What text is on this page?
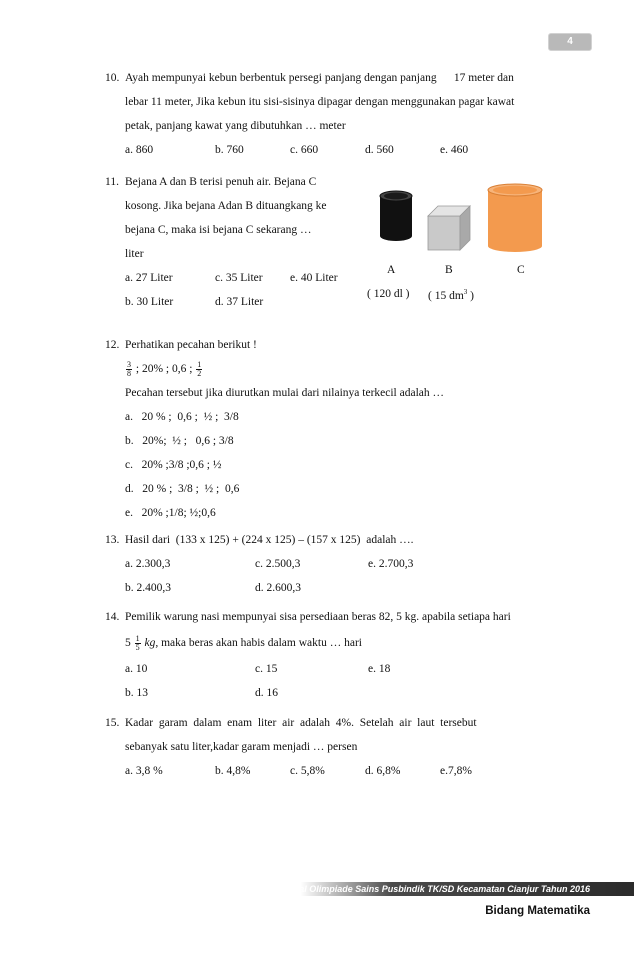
4
10. Ayah mempunyai kebun berbentuk persegi panjang dengan panjang      17 meter dan
lebar 11 meter, Jika kebun itu sisi-sisinya dipagar dengan menggunakan pagar kawat
petak, panjang kawat yang dibutuhkan … meter
a. 860	b. 760	c. 660	d. 560	e. 460
11. Bejana A dan B terisi penuh air. Bejana C
kosong. Jika bejana Adan B dituangkang ke
bejana C, maka isi bejana C sekarang …
liter
a. 27 Liter	c. 35 Liter e. 40 Liter
b. 30 Liter	d. 37 Liter
A	B	C
( 120 dl ) ( 15 $dm^3$ )
12. Perhatikan pecahan berikut !
$\frac{3}{8}$ ; 20% ; 0,6 ; $\frac{1}{2}$
Pecahan tersebut jika diurutkan mulai dari nilainya terkecil adalah …
a.   20 % ;  0,6 ;  ½ ;  3/8
b.   20%;  ½ ;   0,6 ; 3/8
c.   20% ;3/8 ;0,6 ; ½
d.   20 % ;  3/8 ;  ½ ;  0,6
e.   20% ;1/8; ½;0,6
13. Hasil dari  (133 x 125) + (224 x 125) – (157 x 125)  adalah ….
a. 2.300,3	c. 2.500,3	e. 2.700,3
b. 2.400,3	d. 2.600,3
14. Pemilik warung nasi mempunyai sisa persediaan beras 82, 5 kg. apabila setiapa hari
$5 \frac{1}{5}$ kg, maka beras akan habis dalam waktu … hari
a. 10	c. 15	e. 18
b. 13	d. 16
15. Kadar  garam  dalam  enam  liter  air  adalah  4%.  Setelah  air  laut  tersebut
sebanyak satu liter,kadar garam menjadi … persen
a. 3,8 %	b. 4,8%	c. 5,8%	d. 6,8%	e.7,8%
Soal Olimpiade Sains Pusbindik TK/SD Kecamatan Cianjur Tahun 2016
Bidang Matematika
